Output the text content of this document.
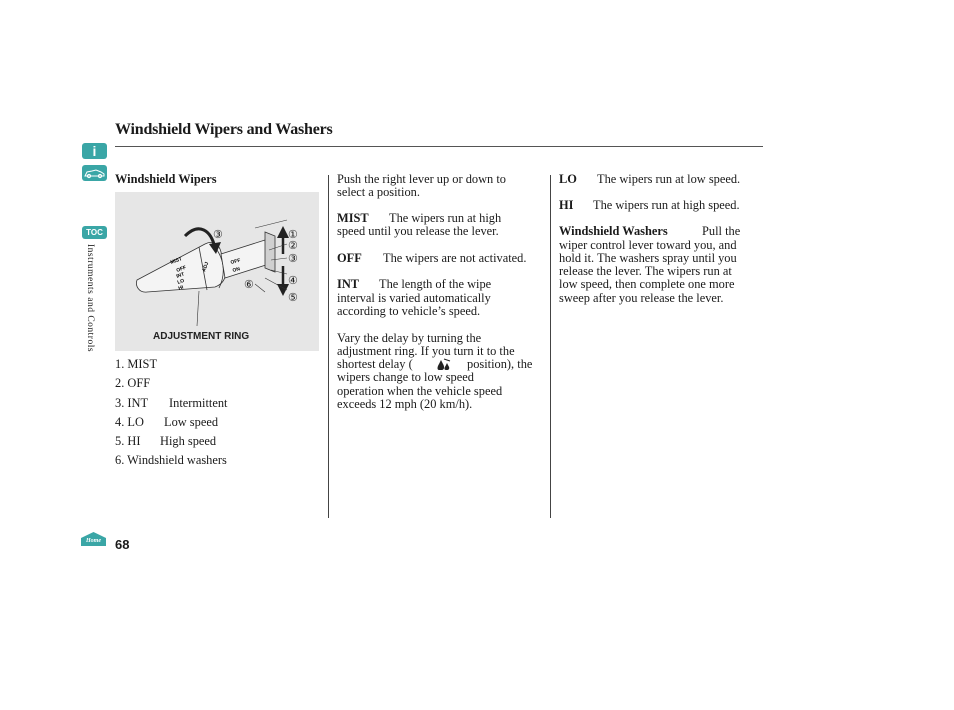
Windshield Wipers and Washers
i
TOC
Instruments and Controls
Home 68
Windshield Wipers
MIST
OFF
INT
LO
HI
OFF
ON
ADJ
①
②
③
④
⑤
⑥
③
ADJUSTMENT RING
1. MIST
2. OFF
3. INT Intermittent
4. LO Low speed
5. HI High speed
6. Windshield washers
Push the right lever up or down to
select a position.
MIST The wipers run at high
speed until you release the lever.
OFF The wipers are not activated.
INT The length of the wipe
interval is varied automatically
according to vehicle’s speed.
Vary the delay by turning the
adjustment ring. If you turn it to the
shortest delay (	position), the
wipers change to low speed
operation when the vehicle speed
exceeds 12 mph (20 km/h).
LO The wipers run at low speed.
HI The wipers run at high speed.
Windshield Washers	Pull the
wiper control lever toward you, and
hold it. The washers spray until you
release the lever. The wipers run at
low speed, then complete one more
sweep after you release the lever.
